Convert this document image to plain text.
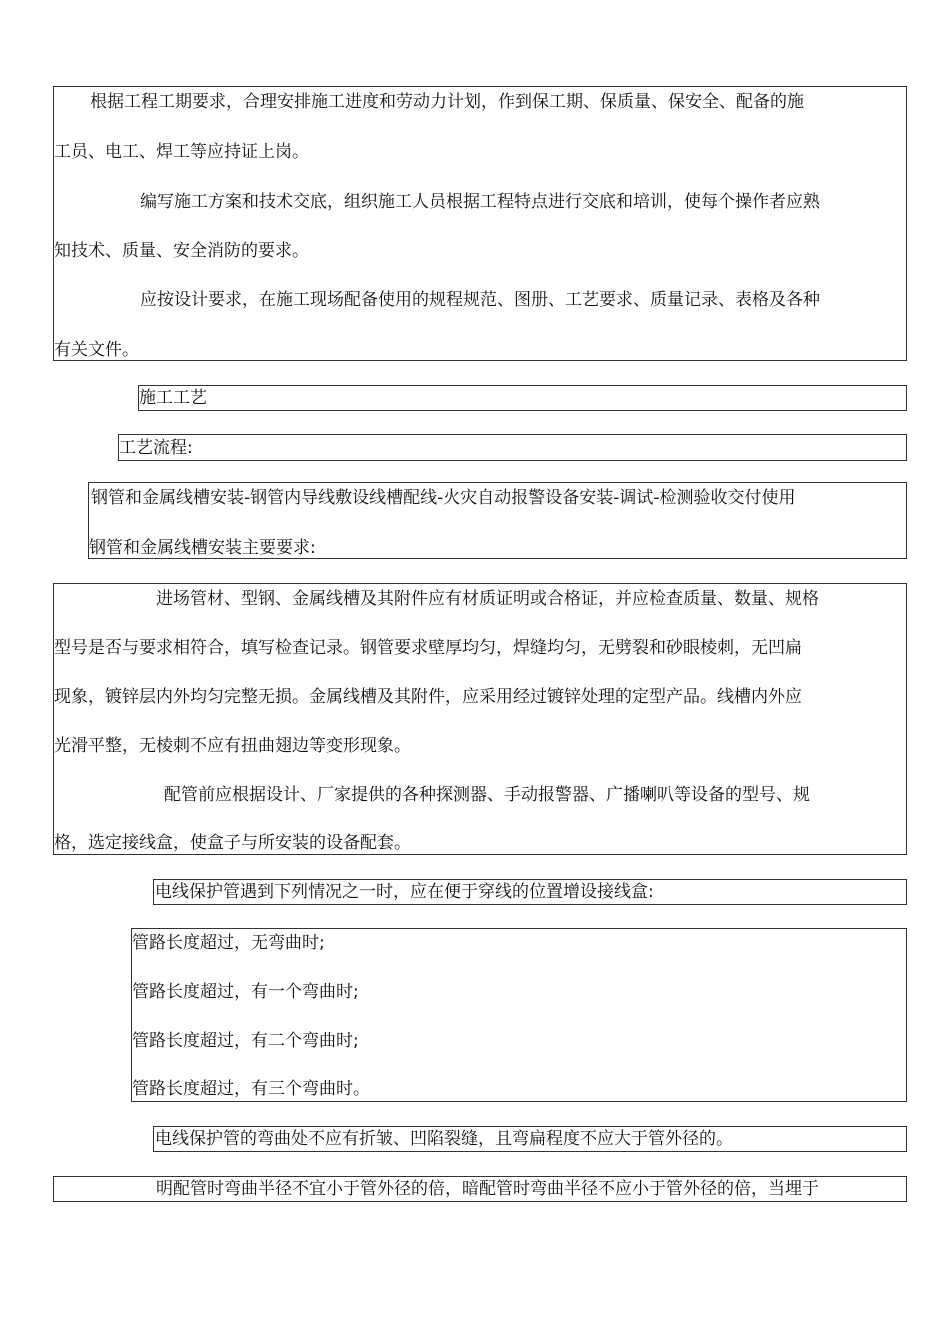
根据工程工期要求，合理安排施工进度和劳动力计划，作到保工期、保质量、保安全、配备的施
工员、电工、焊工等应持证上岗。
编写施工方案和技术交底，组织施工人员根据工程特点进行交底和培训，使每个操作者应熟
知技术、质量、安全消防的要求。
应按设计要求，在施工现场配备使用的规程规范、图册、工艺要求、质量记录、表格及各种
有关文件。
施工工艺
工艺流程:
钢管和金属线槽安装-钢管内导线敷设线槽配线-火灾自动报警设备安装-调试-检测验收交付使用
钢管和金属线槽安装主要要求:
进场管材、型钢、金属线槽及其附件应有材质证明或合格证，并应检查质量、数量、规格
型号是否与要求相符合，填写检查记录。钢管要求壁厚均匀，焊缝均匀，无劈裂和砂眼棱刺，无凹扁
现象，镀锌层内外均匀完整无损。金属线槽及其附件，应采用经过镀锌处理的定型产品。线槽内外应
光滑平整，无棱刺不应有扭曲翅边等变形现象。
配管前应根据设计、厂家提供的各种探测器、手动报警器、广播喇叭等设备的型号、规
格，选定接线盒，使盒子与所安装的设备配套。
电线保护管遇到下列情况之一时，应在便于穿线的位置增设接线盒:
管路长度超过，无弯曲时;
管路长度超过，有一个弯曲时;
管路长度超过，有二个弯曲时;
管路长度超过，有三个弯曲时。
电线保护管的弯曲处不应有折皱、凹陷裂缝，且弯扁程度不应大于管外径的。
明配管时弯曲半径不宜小于管外径的倍，暗配管时弯曲半径不应小于管外径的倍，当埋于
